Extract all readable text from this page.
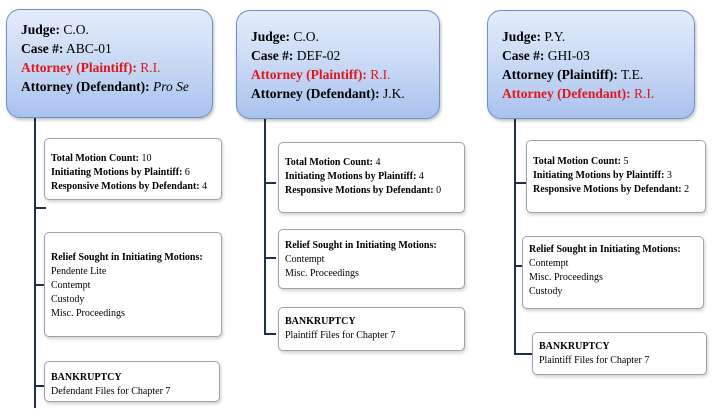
Judge: C.O.
Case #: ABC-01
Attorney (Plaintiff): R.I.
Attorney (Defendant): Pro Se
Total Motion Count: 10
Initiating Motions by Plaintiff: 6
Responsive Motions by Defendant: 4
Relief Sought in Initiating Motions:
Pendente Lite
Contempt
Custody
Misc. Proceedings
BANKRUPTCY
Defendant Files for Chapter 7
Judge: C.O.
Case #: DEF-02
Attorney (Plaintiff): R.I.
Attorney (Defendant): J.K.
Total Motion Count: 4
Initiating Motions by Plaintiff: 4
Responsive Motions by Defendant: 0
Relief Sought in Initiating Motions:
Contempt
Misc. Proceedings
BANKRUPTCY
Plaintiff Files for Chapter 7
Judge: P.Y.
Case #: GHI-03
Attorney (Plaintiff): T.E.
Attorney (Defendant): R.I.
Total Motion Count: 5
Initiating Motions by Plaintiff: 3
Responsive Motions by Defendant: 2
Relief Sought in Initiating Motions:
Contempt
Misc. Proceedings
Custody
BANKRUPTCY
Plaintiff Files for Chapter 7
